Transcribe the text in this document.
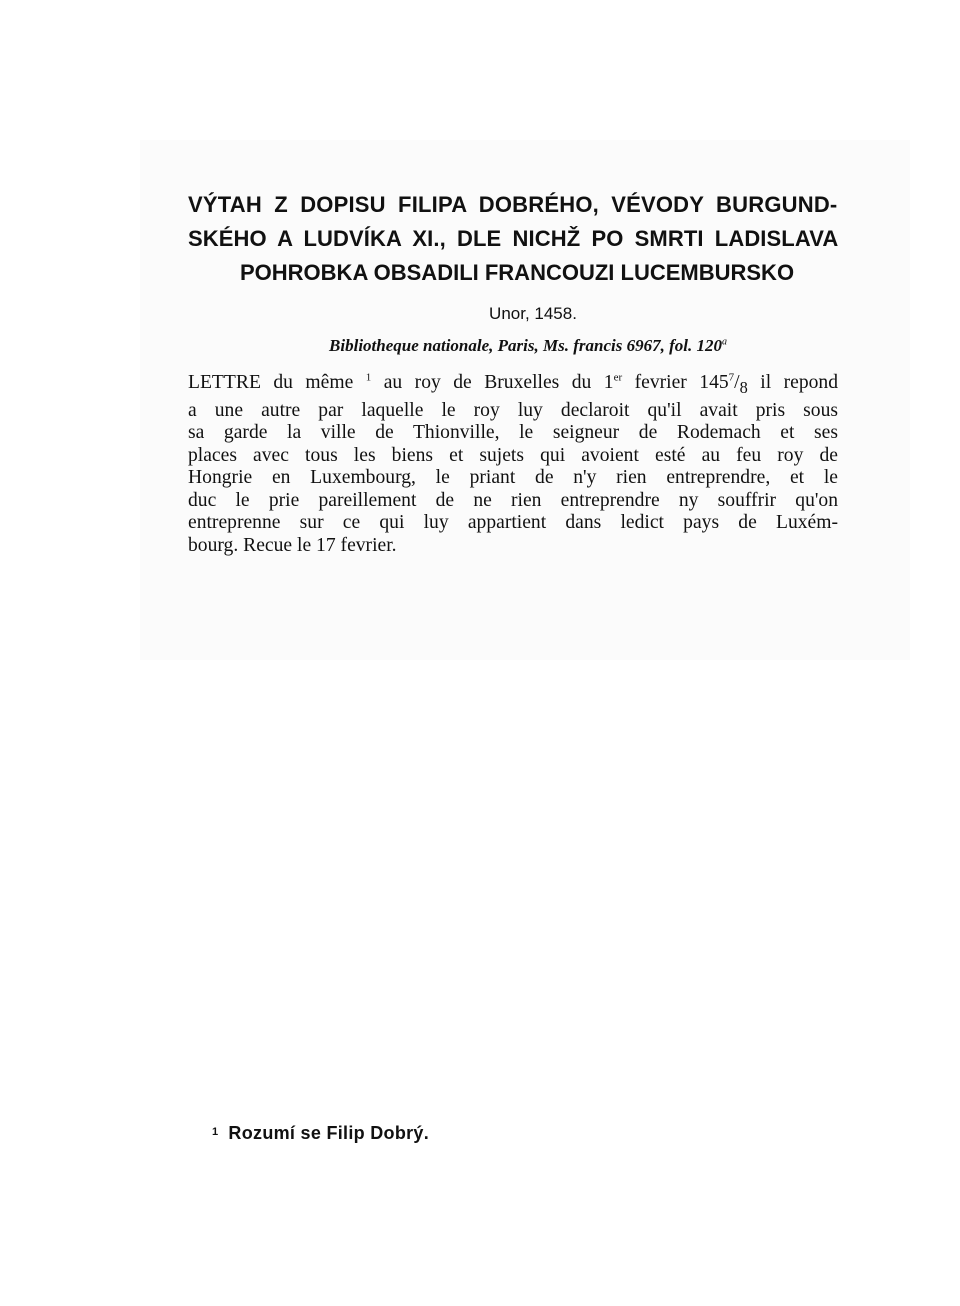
VÝTAH Z DOPISU FILIPA DOBRÉHO, VÉVODY BURGUND-
SKÉHO A LUDVÍKA XI., DLE NICHŽ PO SMRTI LADISLAVA
POHROBKA OBSADILI FRANCOUZI LUCEMBURSKO
Unor, 1458.
Bibliotheque nationale, Paris, Ms. francis 6967, fol. 120$^a$
LETTRE du même $^1$ au roy de Bruxelles du 1er fevrier $145^7/_8$ il repond
a une autre par laquelle le roy luy declaroit qu'il avait pris sous
sa garde la ville de Thionville, le seigneur de Rodemach et ses
places avec tous les biens et sujets qui avoient esté au feu roy de
Hongrie en Luxembourg, le priant de n'y rien entreprendre, et le
duc le prie pareillement de ne rien entreprendre ny souffrir qu'on
entreprenne sur ce qui luy appartient dans ledict pays de Luxém-
bourg. Recue le 17 fevrier.
$^1$ Rozumí se Filip Dobrý.
